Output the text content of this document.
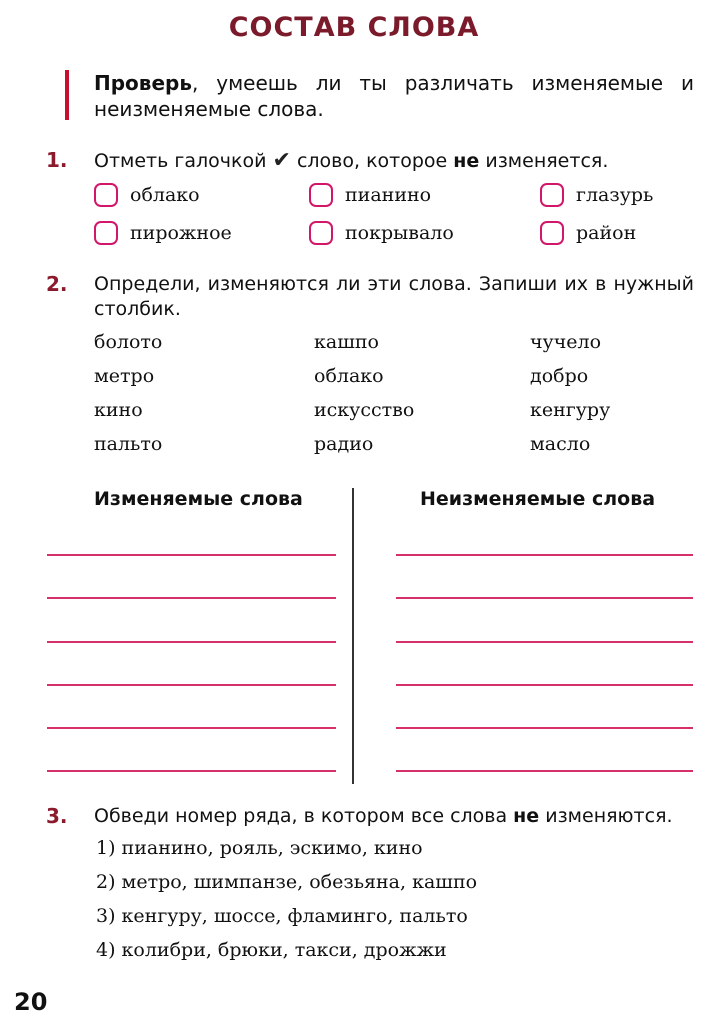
СОСТАВ СЛОВА
Проверь, умеешь ли ты различать изменяемые и неизменяемые слова.
1. Отметь галочкой ✔ слово, которое не изменяется.
облако	пианино	глазурь
пирожное	покрывало	район
2. Определи, изменяются ли эти слова. Запиши их в нужный столбик.
болото	кашпо	чучело
метро	облако	добро
кино	искусство	кенгуру
пальто	радио	масло
Изменяемые слова	Неизменяемые слова
3. Обведи номер ряда, в котором все слова не изменяются.
1) пианино, рояль, эскимо, кино
2) метро, шимпанзе, обезьяна, кашпо
3) кенгуру, шоссе, фламинго, пальто
4) колибри, брюки, такси, дрожжи
20
